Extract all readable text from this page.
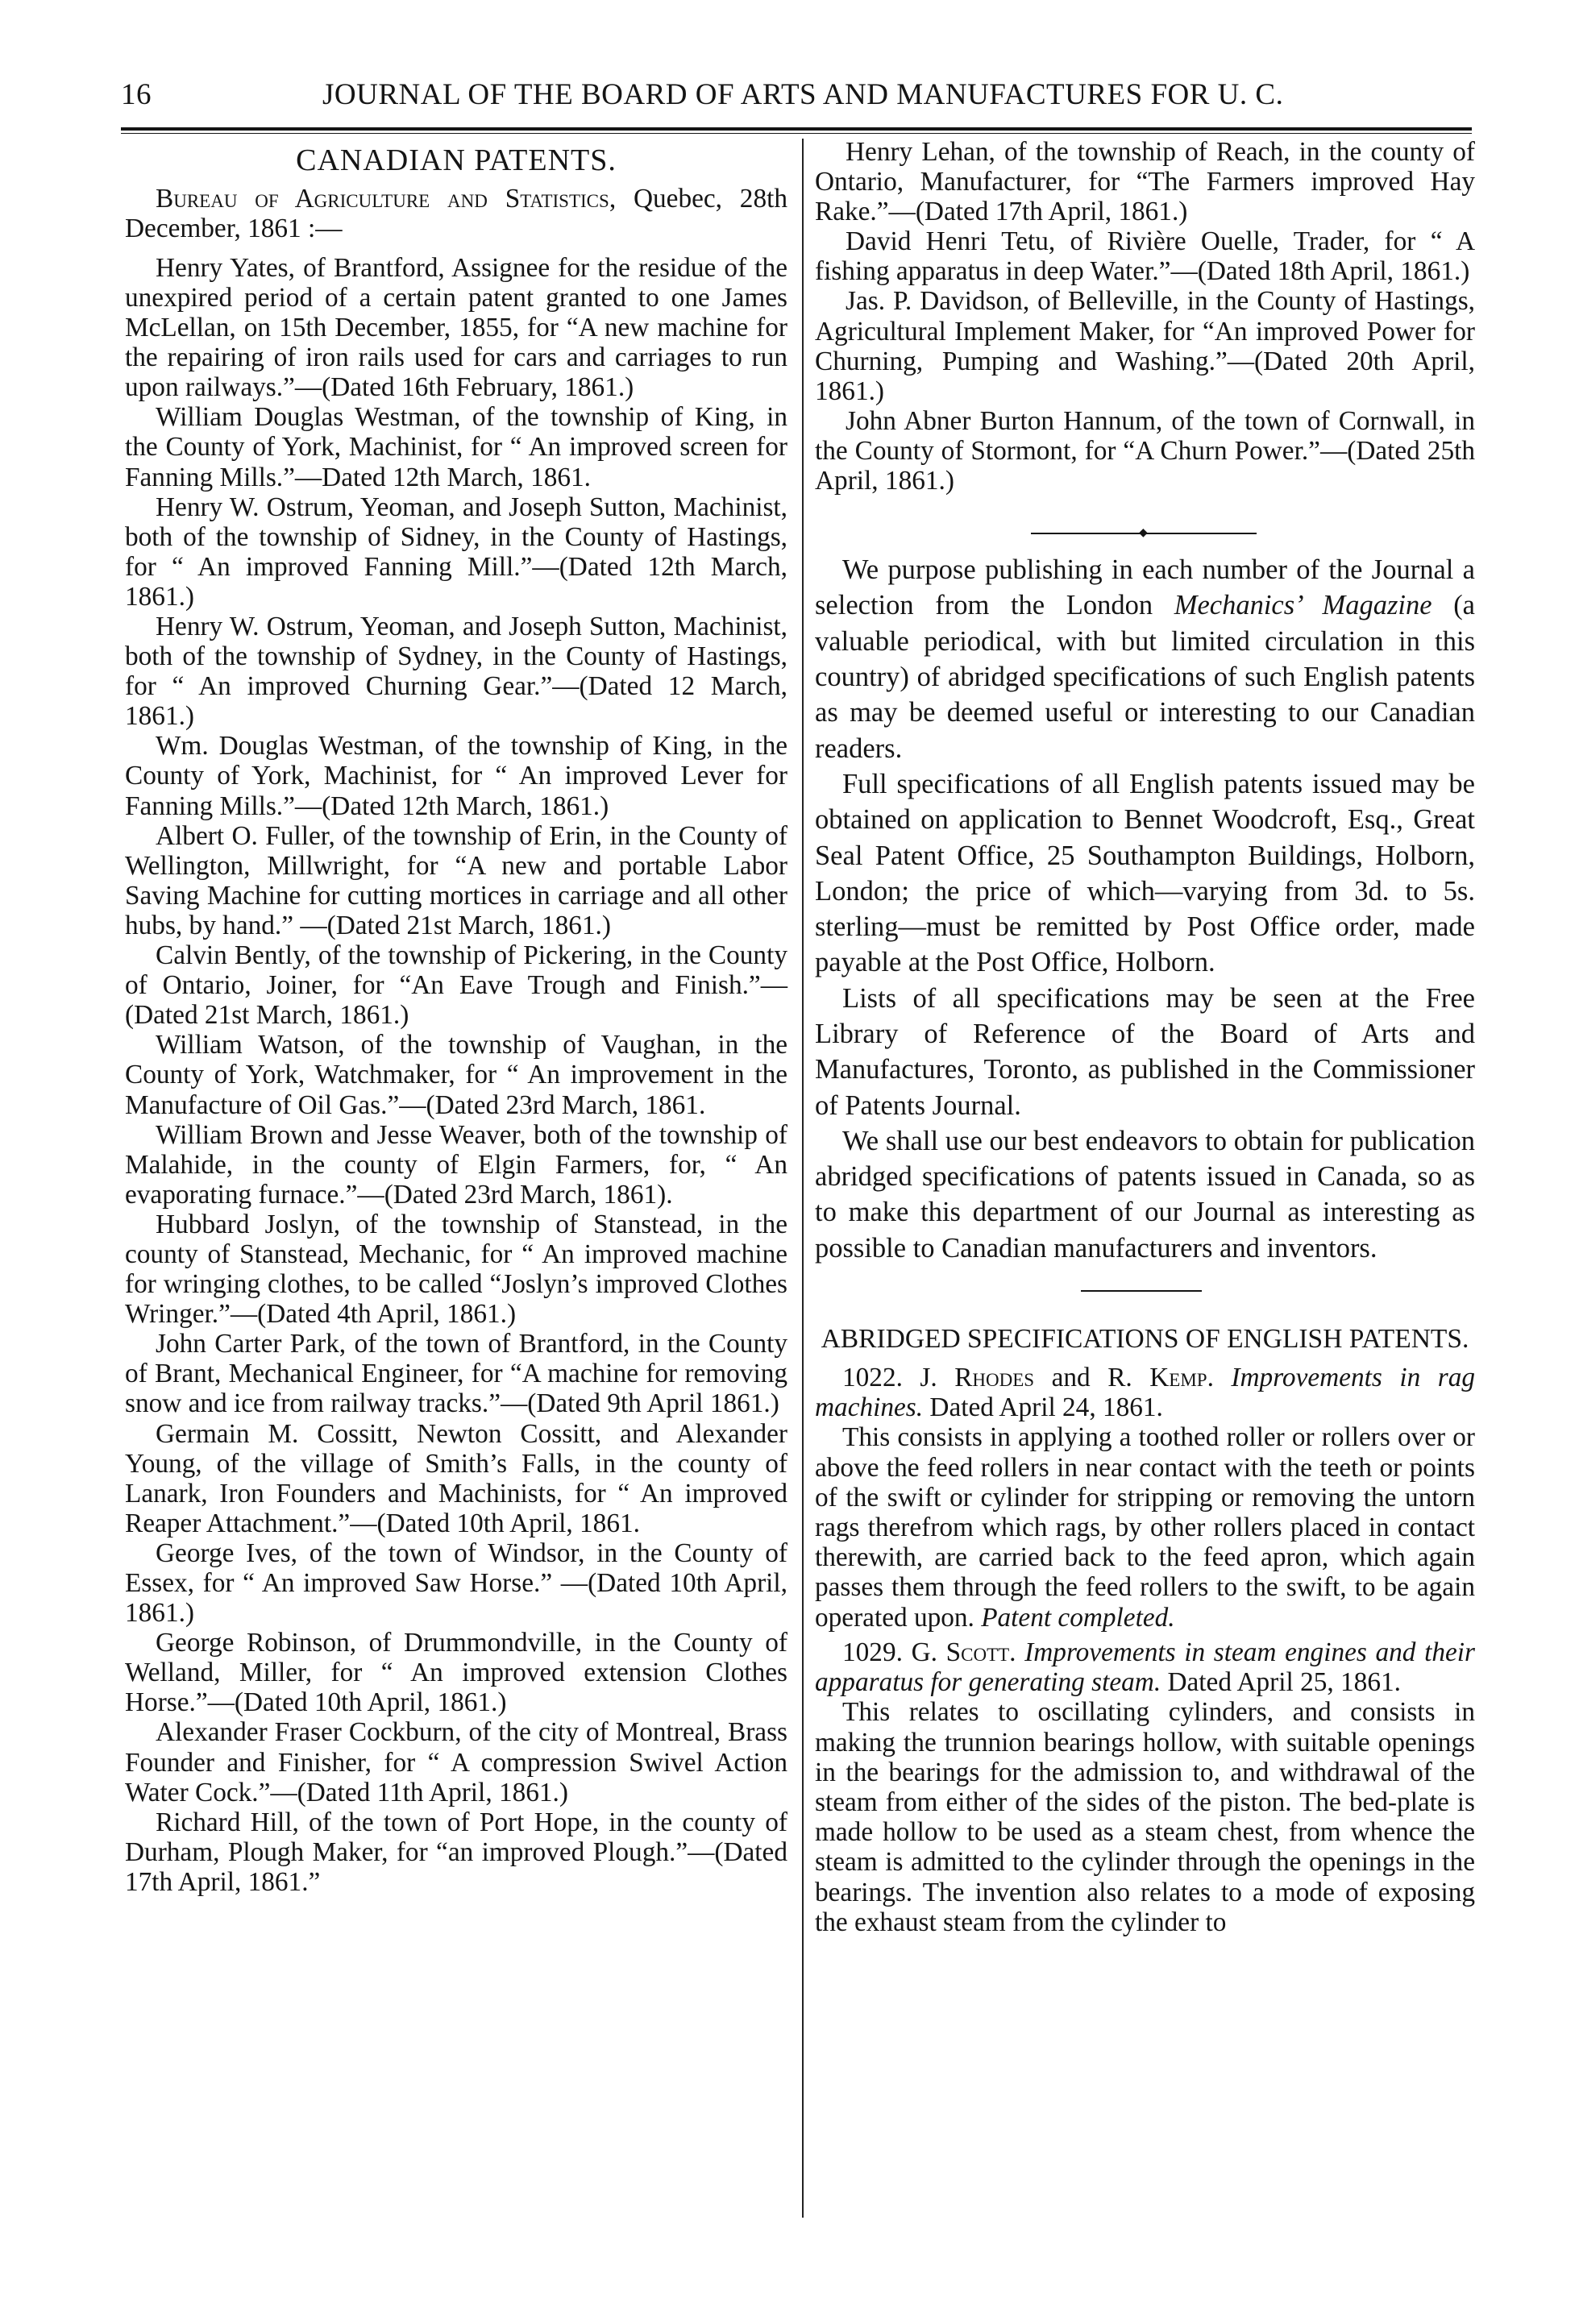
16	JOURNAL OF THE BOARD OF ARTS AND MANUFACTURES FOR U. C.
CANADIAN PATENTS.

Bureau of Agriculture and Statistics, Quebec, 28th December, 1861 :—

Henry Yates, of Brantford, Assignee for the residue of the unexpired period of a certain patent granted to one James McLellan, on 15th December, 1855, for “A new machine for the repairing of iron rails used for cars and carriages to run upon railways.”—(Dated 16th February, 1861.)

William Douglas Westman, of the township of King, in the County of York, Machinist, for “ An improved screen for Fanning Mills.”—Dated 12th March, 1861.

Henry W. Ostrum, Yeoman, and Joseph Sutton, Machinist, both of the township of Sidney, in the County of Hastings, for “ An improved Fanning Mill.”—(Dated 12th March, 1861.)

Henry W. Ostrum, Yeoman, and Joseph Sutton, Machinist, both of the township of Sydney, in the County of Hastings, for “ An improved Churning Gear.”—(Dated 12 March, 1861.)

Wm. Douglas Westman, of the township of King, in the County of York, Machinist, for “ An improved Lever for Fanning Mills.”—(Dated 12th March, 1861.)

Albert O. Fuller, of the township of Erin, in the County of Wellington, Millwright, for “A new and portable Labor Saving Machine for cutting mortices in carriage and all other hubs, by hand.” —(Dated 21st March, 1861.)

Calvin Bently, of the township of Pickering, in the County of Ontario, Joiner, for “An Eave Trough and Finish.”—(Dated 21st March, 1861.)

William Watson, of the township of Vaughan, in the County of York, Watchmaker, for “ An improvement in the Manufacture of Oil Gas.”—(Dated 23rd March, 1861.

William Brown and Jesse Weaver, both of the township of Malahide, in the county of Elgin Farmers, for, “ An evaporating furnace.”—(Dated 23rd March, 1861).

Hubbard Joslyn, of the township of Stanstead, in the county of Stanstead, Mechanic, for “ An improved machine for wringing clothes, to be called “Joslyn’s improved Clothes Wringer.”—(Dated 4th April, 1861.)

John Carter Park, of the town of Brantford, in the County of Brant, Mechanical Engineer, for “A machine for removing snow and ice from railway tracks.”—(Dated 9th April 1861.)

Germain M. Cossitt, Newton Cossitt, and Alexander Young, of the village of Smith’s Falls, in the county of Lanark, Iron Founders and Machinists, for “ An improved Reaper Attachment.”—(Dated 10th April, 1861.

George Ives, of the town of Windsor, in the County of Essex, for “ An improved Saw Horse.” —(Dated 10th April, 1861.)

George Robinson, of Drummondville, in the County of Welland, Miller, for “ An improved extension Clothes Horse.”—(Dated 10th April, 1861.)

Alexander Fraser Cockburn, of the city of Montreal, Brass Founder and Finisher, for “ A compression Swivel Action Water Cock.”—(Dated 11th April, 1861.)

Richard Hill, of the town of Port Hope, in the county of Durham, Plough Maker, for “an improved Plough.”—(Dated 17th April, 1861.”

Henry Lehan, of the township of Reach, in the county of Ontario, Manufacturer, for “The Farmers improved Hay Rake.”—(Dated 17th April, 1861.)

David Henri Tetu, of Rivière Ouelle, Trader, for “ A fishing apparatus in deep Water.”—(Dated 18th April, 1861.)

Jas. P. Davidson, of Belleville, in the County of Hastings, Agricultural Implement Maker, for “An improved Power for Churning, Pumping and Washing.”—(Dated 20th April, 1861.)

John Abner Burton Hannum, of the town of Cornwall, in the County of Stormont, for “A Churn Power.”—(Dated 25th April, 1861.)

◆

We purpose publishing in each number of the Journal a selection from the London Mechanics’ Magazine (a valuable periodical, with but limited circulation in this country) of abridged specifications of such English patents as may be deemed useful or interesting to our Canadian readers.

Full specifications of all English patents issued may be obtained on application to Bennet Woodcroft, Esq., Great Seal Patent Office, 25 Southampton Buildings, Holborn, London; the price of which—varying from 3d. to 5s. sterling—must be remitted by Post Office order, made payable at the Post Office, Holborn.

Lists of all specifications may be seen at the Free Library of Reference of the Board of Arts and Manufactures, Toronto, as published in the Commissioner of Patents Journal.

We shall use our best endeavors to obtain for publication abridged specifications of patents issued in Canada, so as to make this department of our Journal as interesting as possible to Canadian manufacturers and inventors.

ABRIDGED SPECIFICATIONS OF ENGLISH PATENTS.

1022. J. Rhodes and R. Kemp. Improvements in rag machines. Dated April 24, 1861.

This consists in applying a toothed roller or rollers over or above the feed rollers in near contact with the teeth or points of the swift or cylinder for stripping or removing the untorn rags therefrom which rags, by other rollers placed in contact therewith, are carried back to the feed apron, which again passes them through the feed rollers to the swift, to be again operated upon. Patent completed.

1029. G. Scott. Improvements in steam engines and their apparatus for generating steam. Dated April 25, 1861.

This relates to oscillating cylinders, and consists in making the trunnion bearings hollow, with suitable openings in the bearings for the admission to, and withdrawal of the steam from either of the sides of the piston. The bed-plate is made hollow to be used as a steam chest, from whence the steam is admitted to the cylinder through the openings in the bearings. The invention also relates to a mode of exposing the exhaust steam from the cylinder to
